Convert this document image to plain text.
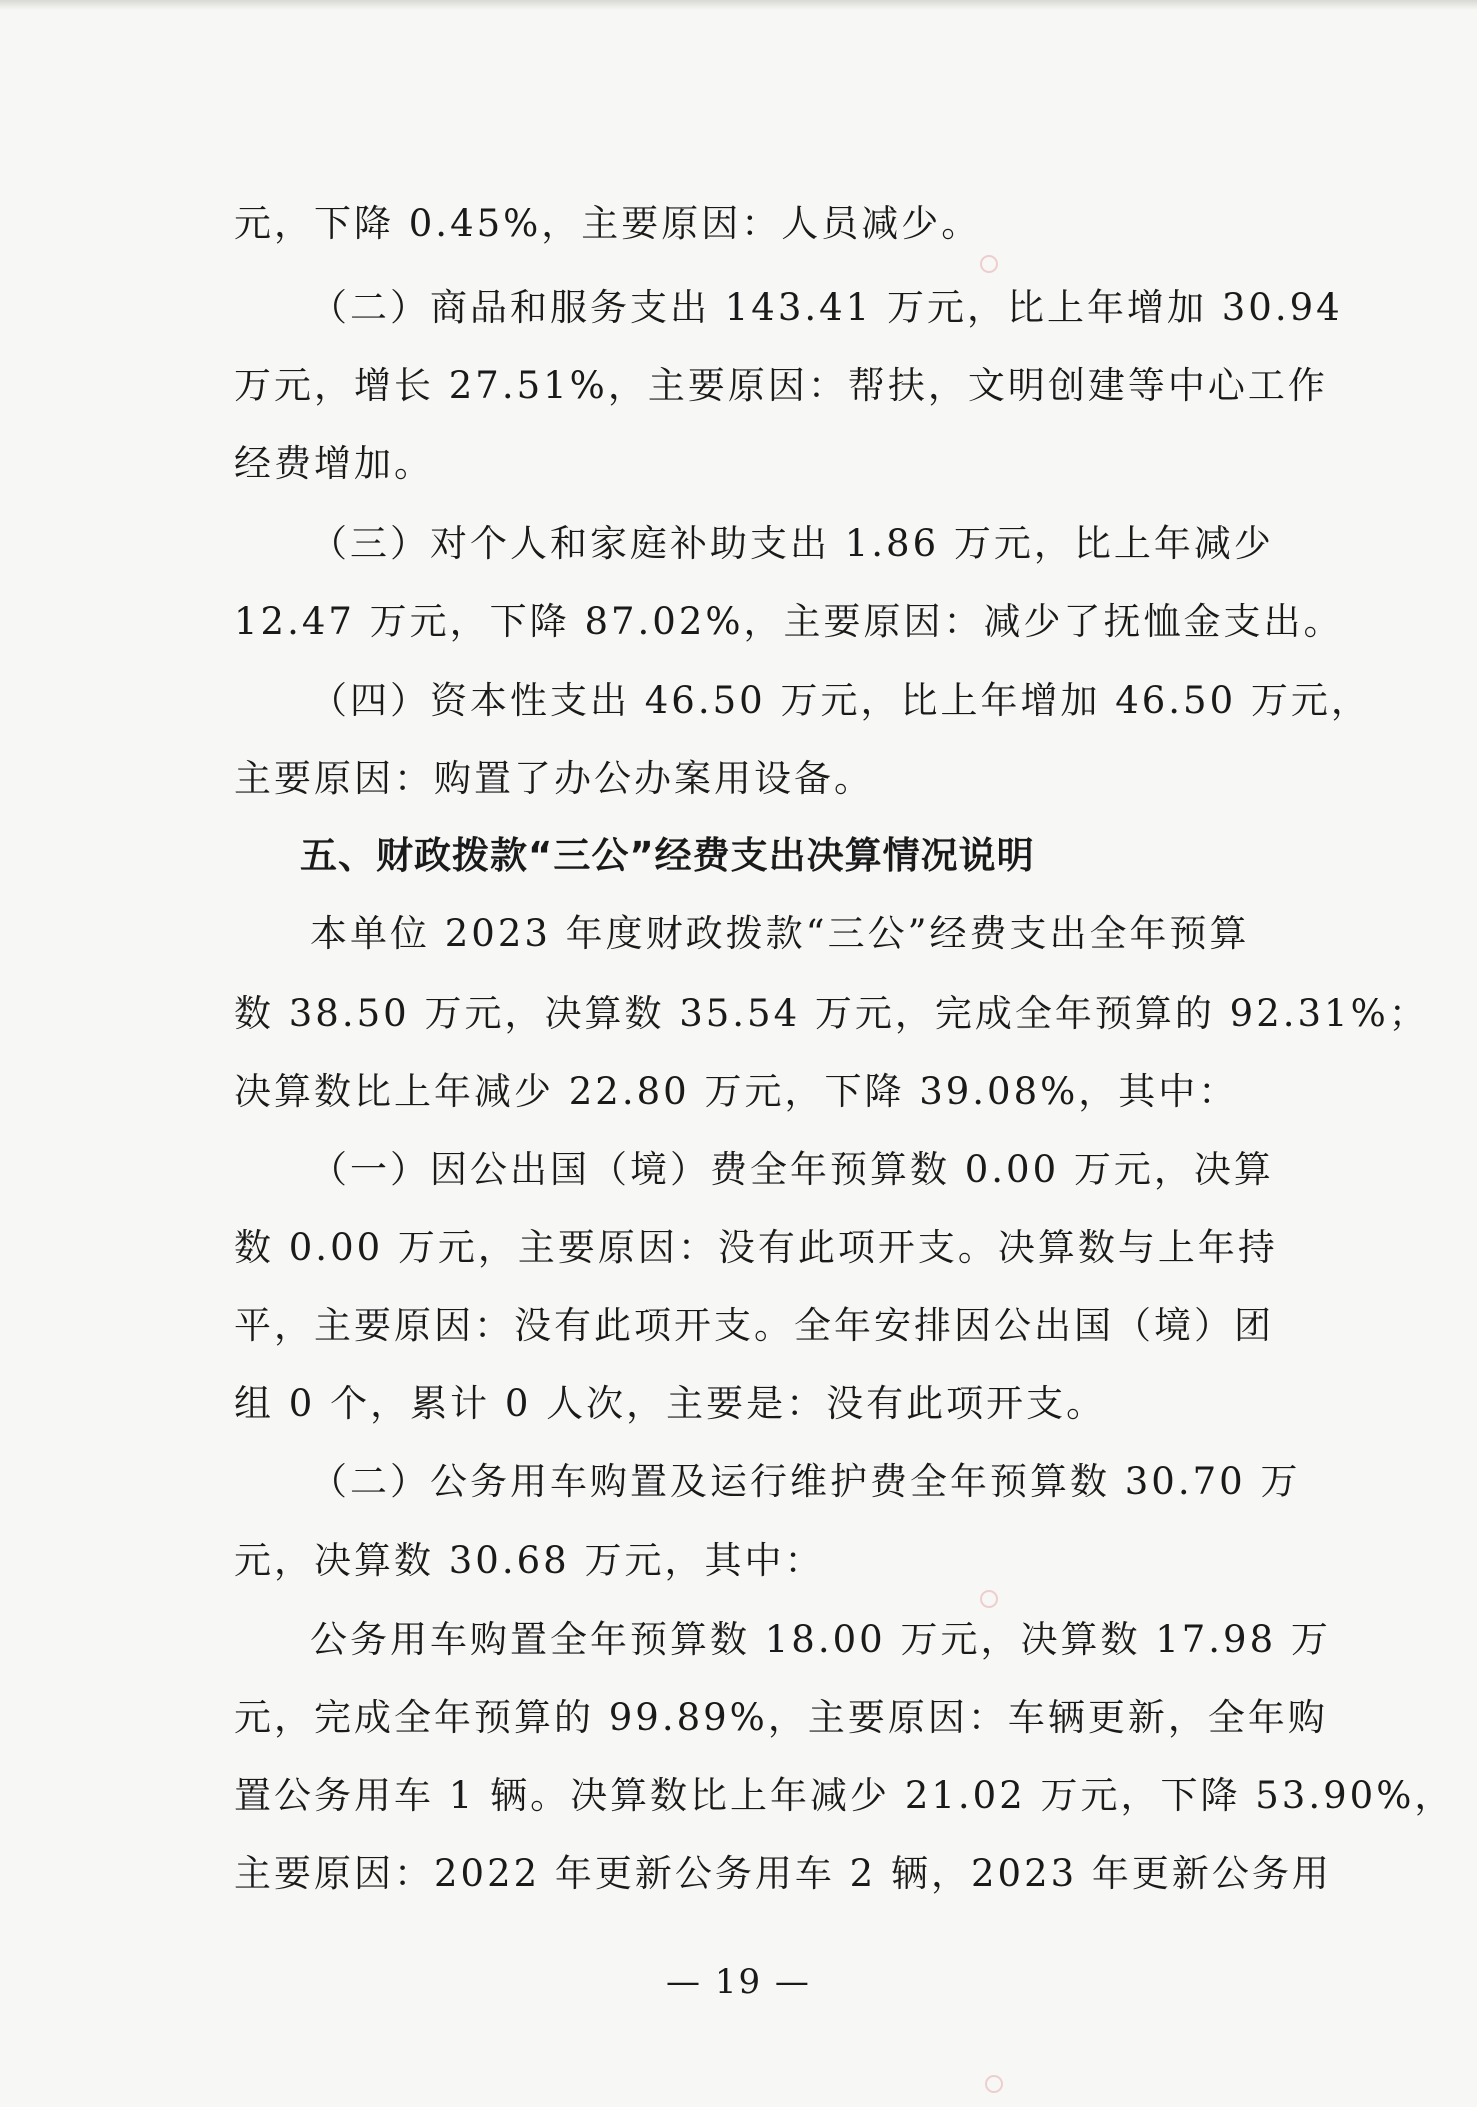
元，下降 0.45%，主要原因：人员减少。
（二）商品和服务支出 143.41 万元，比上年增加 30.94
万元，增长 27.51%，主要原因：帮扶，文明创建等中心工作
经费增加。
（三）对个人和家庭补助支出 1.86 万元，比上年减少
12.47 万元，下降 87.02%，主要原因：减少了抚恤金支出。
（四）资本性支出 46.50 万元，比上年增加 46.50 万元，
主要原因：购置了办公办案用设备。
五、财政拨款“三公”经费支出决算情况说明
本单位 2023 年度财政拨款“三公”经费支出全年预算
数 38.50 万元，决算数 35.54 万元，完成全年预算的 92.31%；
决算数比上年减少 22.80 万元，下降 39.08%，其中：
（一）因公出国（境）费全年预算数 0.00 万元，决算
数 0.00 万元，主要原因：没有此项开支。决算数与上年持
平，主要原因：没有此项开支。全年安排因公出国（境）团
组 0 个，累计 0 人次，主要是：没有此项开支。
（二）公务用车购置及运行维护费全年预算数 30.70 万
元，决算数 30.68 万元，其中：
公务用车购置全年预算数 18.00 万元，决算数 17.98 万
元，完成全年预算的 99.89%，主要原因：车辆更新，全年购
置公务用车 1 辆。决算数比上年减少 21.02 万元，下降 53.90%，
主要原因：2022 年更新公务用车 2 辆，2023 年更新公务用
— 19 —
